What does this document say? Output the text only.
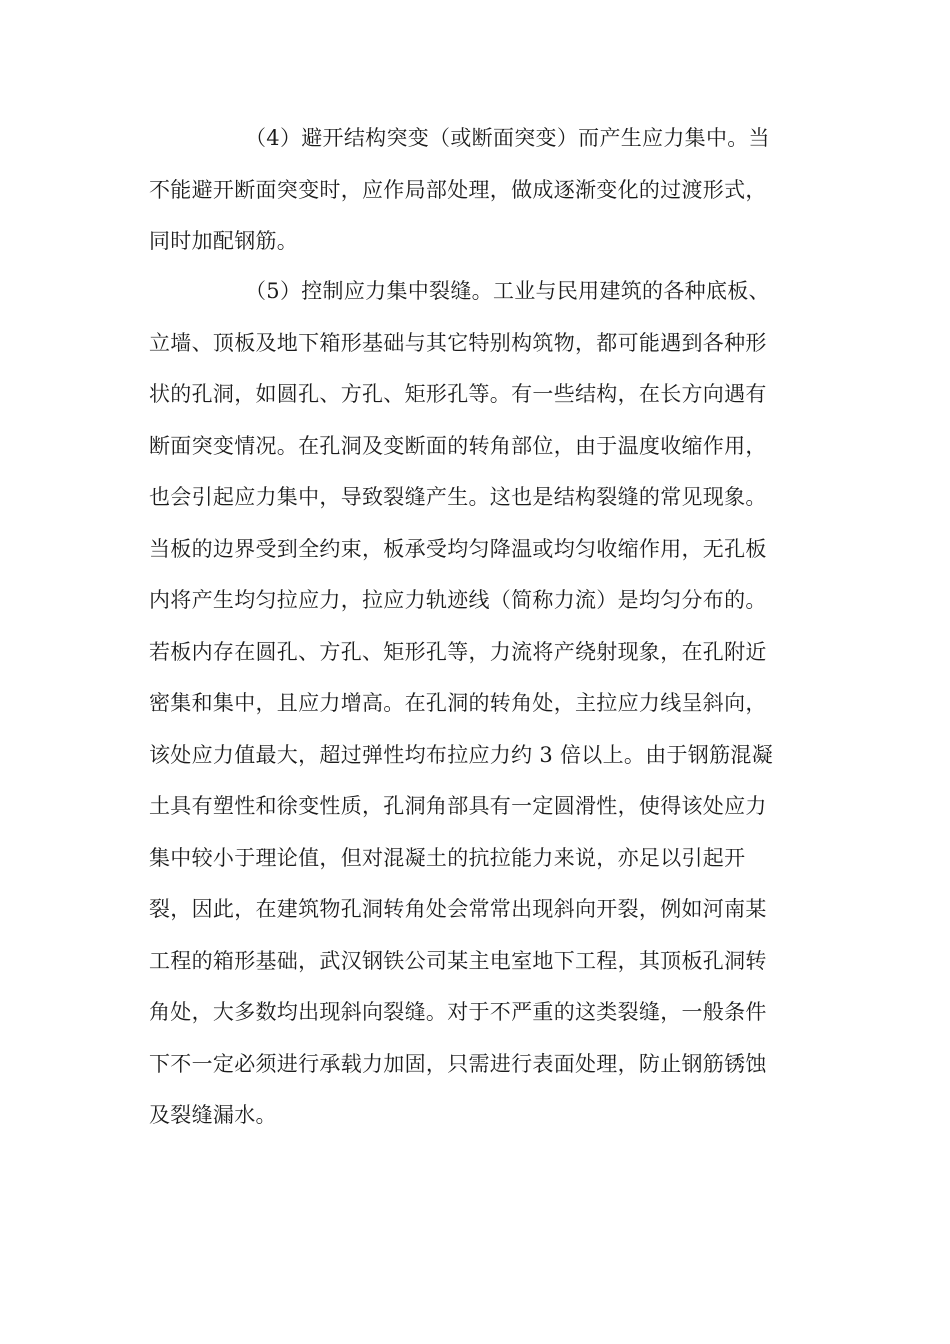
（4）避开结构突变（或断面突变）而产生应力集中。当
不能避开断面突变时，应作局部处理，做成逐渐变化的过渡形式，
同时加配钢筋。
（5）控制应力集中裂缝。工业与民用建筑的各种底板、
立墙、顶板及地下箱形基础与其它特别构筑物，都可能遇到各种形
状的孔洞，如圆孔、方孔、矩形孔等。有一些结构，在长方向遇有
断面突变情况。在孔洞及变断面的转角部位，由于温度收缩作用，
也会引起应力集中，导致裂缝产生。这也是结构裂缝的常见现象。
当板的边界受到全约束，板承受均匀降温或均匀收缩作用，无孔板
内将产生均匀拉应力，拉应力轨迹线（简称力流）是均匀分布的。
若板内存在圆孔、方孔、矩形孔等，力流将产绕射现象，在孔附近
密集和集中，且应力增高。在孔洞的转角处，主拉应力线呈斜向，
该处应力值最大，超过弹性均布拉应力约 3 倍以上。由于钢筋混凝
土具有塑性和徐变性质，孔洞角部具有一定圆滑性，使得该处应力
集中较小于理论值，但对混凝土的抗拉能力来说，亦足以引起开
裂，因此，在建筑物孔洞转角处会常常出现斜向开裂，例如河南某
工程的箱形基础，武汉钢铁公司某主电室地下工程，其顶板孔洞转
角处，大多数均出现斜向裂缝。对于不严重的这类裂缝，一般条件
下不一定必须进行承载力加固，只需进行表面处理，防止钢筋锈蚀
及裂缝漏水。
